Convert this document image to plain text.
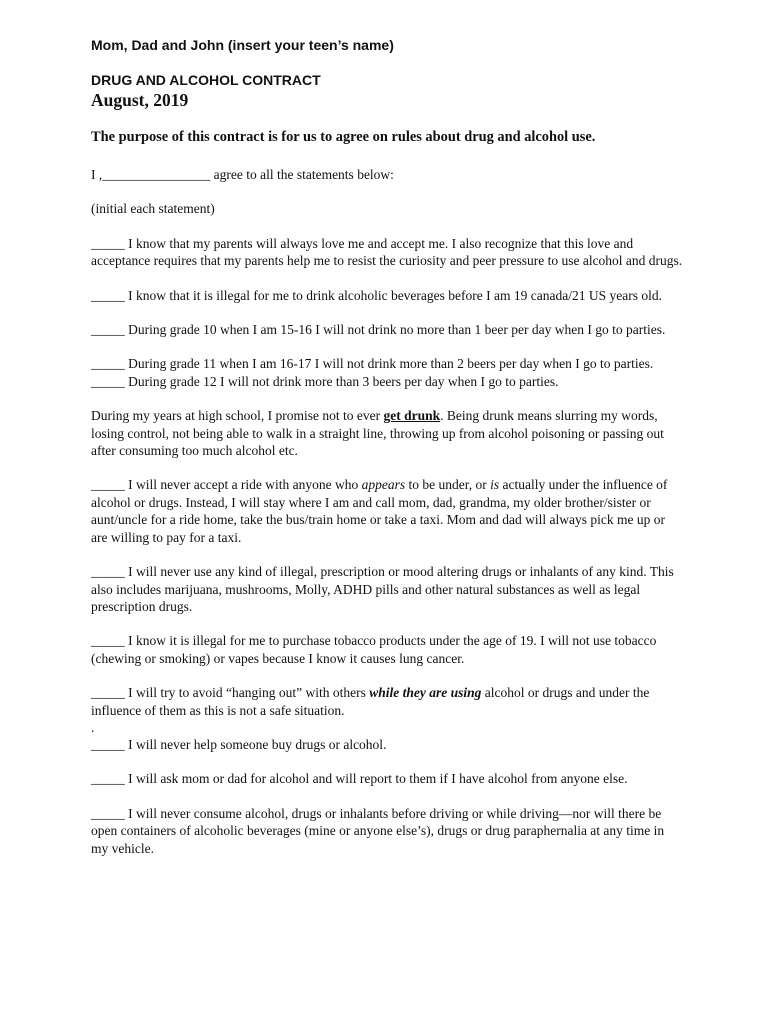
Mom, Dad and John (insert your teen’s name)
DRUG AND ALCOHOL CONTRACT
August, 2019
The purpose of this contract is for us to agree on rules about drug and alcohol use.

I ,________________ agree to all the statements below:

(initial each statement)

_____ I know that my parents will always love me and accept me. I also recognize that this love and acceptance requires that my parents help me to resist the curiosity and peer pressure to use alcohol and drugs.

_____ I know that it is illegal for me to drink alcoholic beverages before I am 19 canada/21 US years old.

_____ During grade 10 when I am 15-16 I will not drink no more than 1 beer per day when I go to parties.

_____ During grade 11 when I am 16-17 I will not drink more than 2 beers per day when I go to parties.

_____ During grade 12 I will not drink more than 3 beers per day when I go to parties.

During my years at high school, I promise not to ever get drunk. Being drunk means slurring my words, losing control, not being able to walk in a straight line, throwing up from alcohol poisoning or passing out after consuming too much alcohol etc.

_____ I will never accept a ride with anyone who appears to be under, or is actually under the influence of alcohol or drugs. Instead, I will stay where I am and call mom, dad, grandma, my older brother/sister or aunt/uncle for a ride home, take the bus/train home or take a taxi. Mom and dad will always pick me up or are willing to pay for a taxi.

_____ I will never use any kind of illegal, prescription or mood altering drugs or inhalants of any kind. This also includes marijuana, mushrooms, Molly, ADHD pills and other natural substances as well as legal prescription drugs.

_____ I know it is illegal for me to purchase tobacco products under the age of 19. I will not use tobacco (chewing or smoking) or vapes because I know it causes lung cancer.

_____ I will try to avoid “hanging out” with others while they are using alcohol or drugs and under the influence of them as this is not a safe situation.

.

_____ I will never help someone buy drugs or alcohol.

_____ I will ask mom or dad for alcohol and will report to them if I have alcohol from anyone else.

_____ I will never consume alcohol, drugs or inhalants before driving or while driving—nor will there be open containers of alcoholic beverages (mine or anyone else’s), drugs or drug paraphernalia at any time in my vehicle.
